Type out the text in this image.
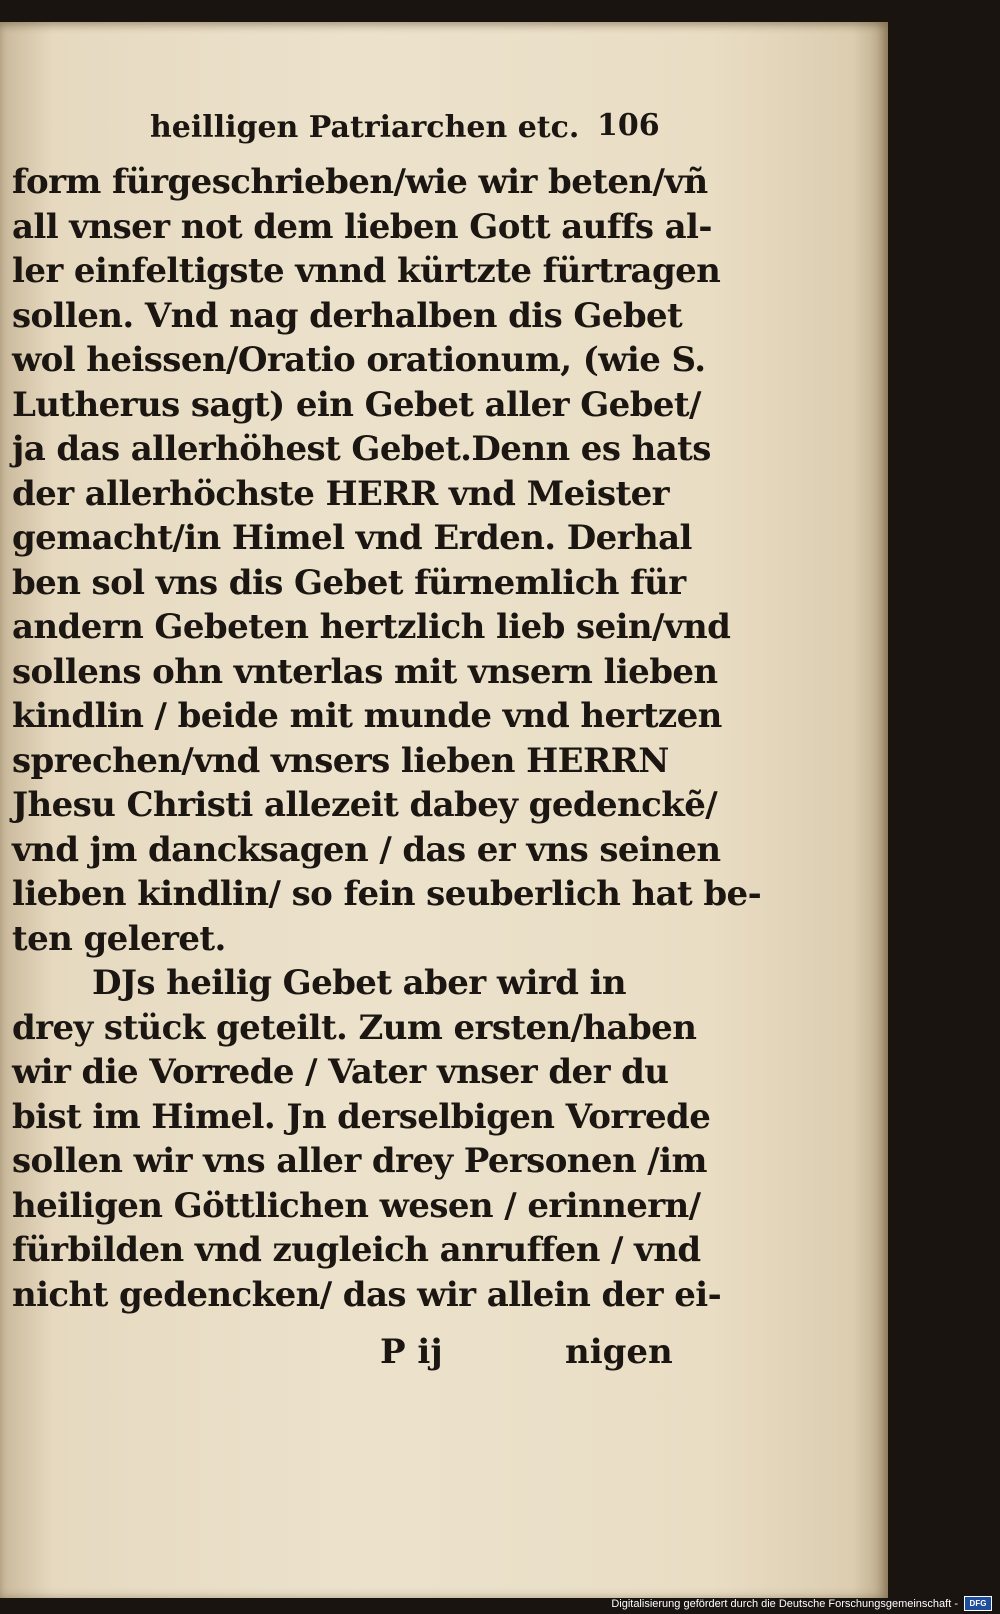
heilligen Patriarchen etc. 106
form fürgeschrieben/wie wir beten/vñ
all vnser not dem lieben Gott auffs al-
ler einfeltigste vnnd kürtzte fürtragen
sollen. Vnd nag derhalben dis Gebet
wol heissen/Oratio orationum, (wie S.
Lutherus sagt) ein Gebet aller Gebet/
ja das allerhöhest Gebet.Denn es hats
der allerhöchste HERR vnd Meister
gemacht/in Himel vnd Erden. Derhal
ben sol vns dis Gebet fürnemlich für
andern Gebeten hertzlich lieb sein/vnd
sollens ohn vnterlas mit vnsern lieben
kindlin / beide mit munde vnd hertzen
sprechen/vnd vnsers lieben HERRN
Jhesu Christi allezeit dabey gedenckẽ/
vnd jm dancksagen / das er vns seinen
lieben kindlin/ so fein seuberlich hat be-
ten geleret.
DJs heilig Gebet aber wird in
drey stück geteilt. Zum ersten/haben
wir die Vorrede / Vater vnser der du
bist im Himel. Jn derselbigen Vorrede
sollen wir vns aller drey Personen /im
heiligen Göttlichen wesen / erinnern/
fürbilden vnd zugleich anruffen / vnd
nicht gedencken/ das wir allein der ei-
P ij	nigen
Digitalisierung gefördert durch die Deutsche Forschungsgemeinschaft -	DFG
